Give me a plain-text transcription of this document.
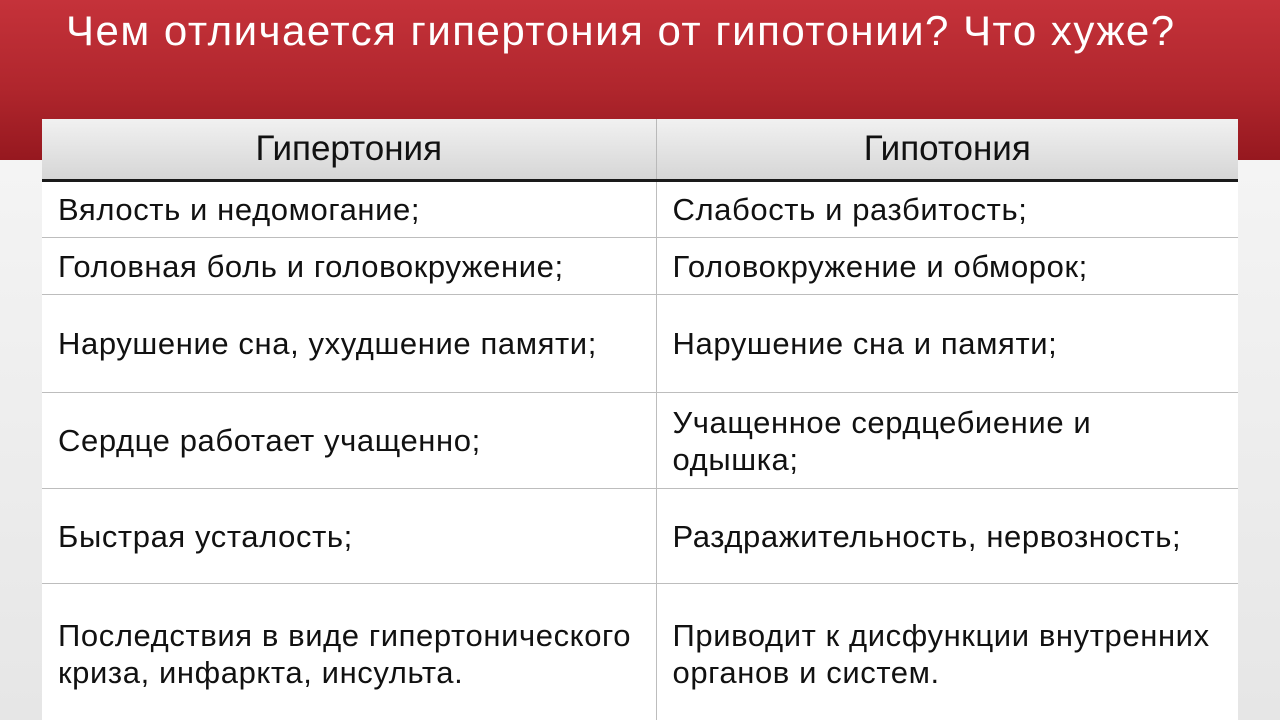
Чем отличается гипертония от гипотонии? Что хуже?
Гипертония	Гипотония
Вялость и недомогание;	Слабость и разбитость;
Головная боль и головокружение;	Головокружение и обморок;
Нарушение сна, ухудшение памяти;	Нарушение сна и памяти;
Сердце работает учащенно;	Учащенное сердцебиение и одышка;
Быстрая усталость;	Раздражительность, нервозность;
Последствия в виде гипертонического криза, инфаркта, инсульта.	Приводит к дисфункции внутренних органов и систем.
